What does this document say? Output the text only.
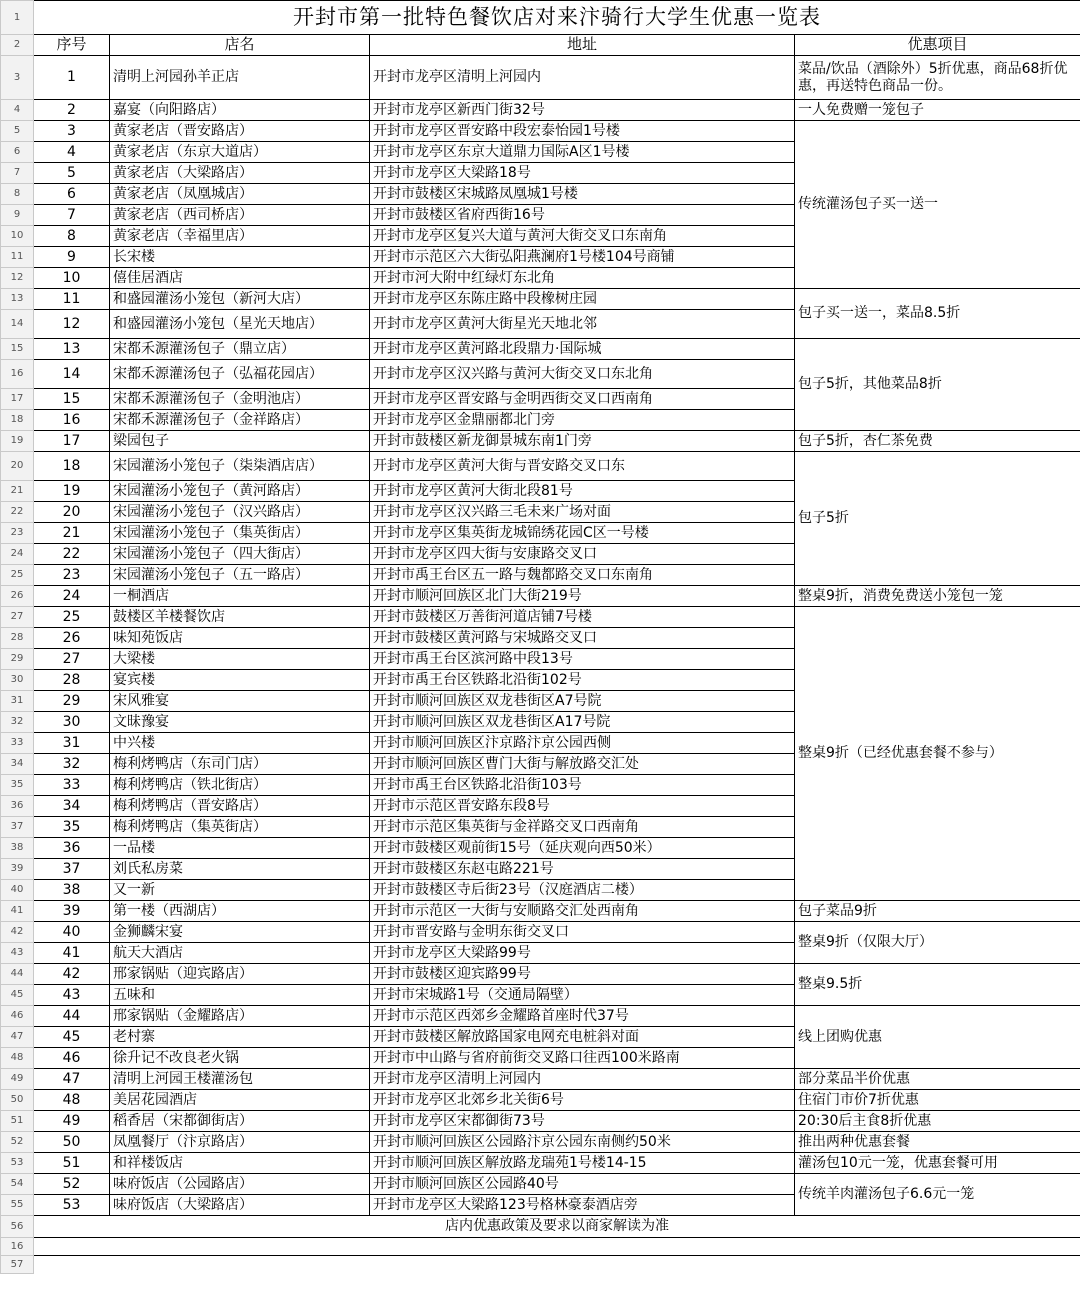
1	开封市第一批特色餐饮店对来汴骑行大学生优惠一览表			
2	序号	店名	地址	优惠项目
3	1	清明上河园孙羊正店	开封市龙亭区清明上河园内	菜品/饮品（酒除外）5折优惠，商品68折优惠，再送特色商品一份。
4	2	嘉宴（向阳路店）	开封市龙亭区新西门街32号	一人免费赠一笼包子
5	3	黄家老店（晋安路店）	开封市龙亭区晋安路中段宏泰怡园1号楼	传统灌汤包子买一送一
6	4	黄家老店（东京大道店）	开封市龙亭区东京大道鼎力国际A区1号楼	
7	5	黄家老店（大梁路店）	开封市龙亭区大梁路18号	
8	6	黄家老店（凤凰城店）	开封市鼓楼区宋城路凤凰城1号楼	
9	7	黄家老店（西司桥店）	开封市鼓楼区省府西街16号	
10	8	黄家老店（幸福里店）	开封市龙亭区复兴大道与黄河大街交叉口东南角	
11	9	长宋楼	开封市示范区六大街弘阳燕澜府1号楼104号商铺	
12	10	僖佳居酒店	开封市河大附中红绿灯东北角	
13	11	和盛园灌汤小笼包（新河大店）	开封市龙亭区东陈庄路中段橡树庄园	包子买一送一，菜品8.5折
14	12	和盛园灌汤小笼包（星光天地店）	开封市龙亭区黄河大街星光天地北邻	
15	13	宋都禾源灌汤包子（鼎立店）	开封市龙亭区黄河路北段鼎力·国际城	包子5折，其他菜品8折
16	14	宋都禾源灌汤包子（弘福花园店）	开封市龙亭区汉兴路与黄河大街交叉口东北角	
17	15	宋都禾源灌汤包子（金明池店）	开封市龙亭区晋安路与金明西街交叉口西南角	
18	16	宋都禾源灌汤包子（金祥路店）	开封市龙亭区金鼎丽都北门旁	
19	17	梁园包子	开封市鼓楼区新龙御景城东南1门旁	包子5折，杏仁茶免费
20	18	宋园灌汤小笼包子（柒柒酒店店）	开封市龙亭区黄河大街与晋安路交叉口东	包子5折
21	19	宋园灌汤小笼包子（黄河路店）	开封市龙亭区黄河大街北段81号	
22	20	宋园灌汤小笼包子（汉兴路店）	开封市龙亭区汉兴路三毛未来广场对面	
23	21	宋园灌汤小笼包子（集英街店）	开封市龙亭区集英街龙城锦绣花园C区一号楼	
24	22	宋园灌汤小笼包子（四大街店）	开封市龙亭区四大街与安康路交叉口	
25	23	宋园灌汤小笼包子（五一路店）	开封市禹王台区五一路与魏都路交叉口东南角	
26	24	一桐酒店	开封市顺河回族区北门大街219号	整桌9折，消费免费送小笼包一笼
27	25	鼓楼区羊楼餐饮店	开封市鼓楼区万善街河道店铺7号楼	整桌9折（已经优惠套餐不参与）
28	26	味知苑饭店	开封市鼓楼区黄河路与宋城路交叉口	
29	27	大梁楼	开封市禹王台区滨河路中段13号	
30	28	宴宾楼	开封市禹王台区铁路北沿街102号	
31	29	宋风雅宴	开封市顺河回族区双龙巷街区A7号院	
32	30	文昧豫宴	开封市顺河回族区双龙巷街区A17号院	
33	31	中兴楼	开封市顺河回族区汴京路汴京公园西侧	
34	32	梅利烤鸭店（东司门店）	开封市顺河回族区曹门大街与解放路交汇处	
35	33	梅利烤鸭店（铁北街店）	开封市禹王台区铁路北沿街103号	
36	34	梅利烤鸭店（晋安路店）	开封市示范区晋安路东段8号	
37	35	梅利烤鸭店（集英街店）	开封市示范区集英街与金祥路交叉口西南角	
38	36	一品楼	开封市鼓楼区观前街15号（延庆观向西50米）	
39	37	刘氏私房菜	开封市鼓楼区东赵屯路221号	
40	38	又一新	开封市鼓楼区寺后街23号（汉庭酒店二楼）	
41	39	第一楼（西湖店）	开封市示范区一大街与安顺路交汇处西南角	包子菜品9折
42	40	金狮麟宋宴	开封市晋安路与金明东街交叉口	整桌9折（仅限大厅）
43	41	航天大酒店	开封市龙亭区大梁路99号	
44	42	邢家锅贴（迎宾路店）	开封市鼓楼区迎宾路99号	整桌9.5折
45	43	五味和	开封市宋城路1号（交通局隔壁）	
46	44	邢家锅贴（金耀路店）	开封市示范区西郊乡金耀路首座时代37号	线上团购优惠
47	45	老村寨	开封市鼓楼区解放路国家电网充电桩斜对面	
48	46	徐升记不改良老火锅	开封市中山路与省府前街交叉路口往西100米路南	
49	47	清明上河园王楼灌汤包	开封市龙亭区清明上河园内	部分菜品半价优惠
50	48	美居花园酒店	开封市龙亭区北郊乡北关街6号	住宿门市价7折优惠
51	49	稻香居（宋都御街店）	开封市龙亭区宋都御街73号	20:30后主食8折优惠
52	50	凤凰餐厅（汴京路店）	开封市顺河回族区公园路汴京公园东南侧约50米	推出两种优惠套餐
53	51	和祥楼饭店	开封市顺河回族区解放路龙瑞苑1号楼14-15	灌汤包10元一笼，优惠套餐可用
54	52	味府饭店（公园路店）	开封市顺河回族区公园路40号	传统羊肉灌汤包子6.6元一笼
55	53	味府饭店（大梁路店）	开封市龙亭区大梁路123号格林豪泰酒店旁	
56	店内优惠政策及要求以商家解读为准			
16				
57				
